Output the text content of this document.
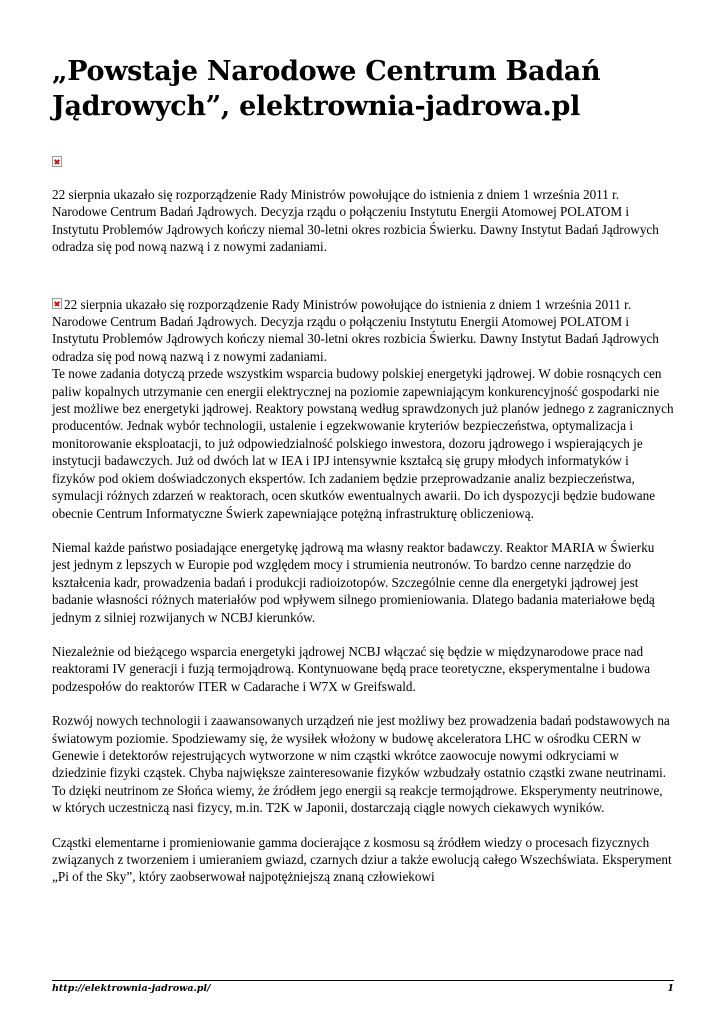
„Powstaje Narodowe Centrum Badań Jądrowych”, elektrownia-jadrowa.pl

22 sierpnia ukazało się rozporządzenie Rady Ministrów powołujące do istnienia z dniem 1 września 2011 r. Narodowe Centrum Badań Jądrowych. Decyzja rządu o połączeniu Instytutu Energii Atomowej POLATOM i Instytutu Problemów Jądrowych kończy niemal 30-letni okres rozbicia Świerku. Dawny Instytut Badań Jądrowych odradza się pod nową nazwą i z nowymi zadaniami.

22 sierpnia ukazało się rozporządzenie Rady Ministrów powołujące do istnienia z dniem 1 września 2011 r. Narodowe Centrum Badań Jądrowych. Decyzja rządu o połączeniu Instytutu Energii Atomowej POLATOM i Instytutu Problemów Jądrowych kończy niemal 30-letni okres rozbicia Świerku. Dawny Instytut Badań Jądrowych odradza się pod nową nazwą i z nowymi zadaniami.

Te nowe zadania dotyczą przede wszystkim wsparcia budowy polskiej energetyki jądrowej. W dobie rosnących cen paliw kopalnych utrzymanie cen energii elektrycznej na poziomie zapewniającym konkurencyjność gospodarki nie jest możliwe bez energetyki jądrowej. Reaktory powstaną według sprawdzonych już planów jednego z zagranicznych producentów. Jednak wybór technologii, ustalenie i egzekwowanie kryteriów bezpieczeństwa, optymalizacja i monitorowanie eksploatacji, to już odpowiedzialność polskiego inwestora, dozoru jądrowego i wspierających je instytucji badawczych. Już od dwóch lat w IEA i IPJ intensywnie kształcą się grupy młodych informatyków i fizyków pod okiem doświadczonych ekspertów. Ich zadaniem będzie przeprowadzanie analiz bezpieczeństwa, symulacji różnych zdarzeń w reaktorach, ocen skutków ewentualnych awarii. Do ich dyspozycji będzie budowane obecnie Centrum Informatyczne Świerk zapewniające potężną infrastrukturę obliczeniową.

Niemal każde państwo posiadające energetykę jądrową ma własny reaktor badawczy. Reaktor MARIA w Świerku jest jednym z lepszych w Europie pod względem mocy i strumienia neutronów. To bardzo cenne narzędzie do kształcenia kadr, prowadzenia badań i produkcji radioizotopów. Szczególnie cenne dla energetyki jądrowej jest badanie własności różnych materiałów pod wpływem silnego promieniowania. Dlatego badania materiałowe będą jednym z silniej rozwijanych w NCBJ kierunków.

Niezależnie od bieżącego wsparcia energetyki jądrowej NCBJ włączać się będzie w międzynarodowe prace nad reaktorami IV generacji i fuzją termojądrową. Kontynuowane będą prace teoretyczne, eksperymentalne i budowa podzespołów do reaktorów ITER w Cadarache i W7X w Greifswald.

Rozwój nowych technologii i zaawansowanych urządzeń nie jest możliwy bez prowadzenia badań podstawowych na światowym poziomie. Spodziewamy się, że wysiłek włożony w budowę akceleratora LHC w ośrodku CERN w Genewie i detektorów rejestrujących wytworzone w nim cząstki wkrótce zaowocuje nowymi odkryciami w dziedzinie fizyki cząstek. Chyba największe zainteresowanie fizyków wzbudzały ostatnio cząstki zwane neutrinami. To dzięki neutrinom ze Słońca wiemy, że źródłem jego energii są reakcje termojądrowe. Eksperymenty neutrinowe, w których uczestniczą nasi fizycy, m.in. T2K w Japonii, dostarczają ciągle nowych ciekawych wyników.

Cząstki elementarne i promieniowanie gamma docierające z kosmosu są źródłem wiedzy o procesach fizycznych związanych z tworzeniem i umieraniem gwiazd, czarnych dziur a także ewolucją całego Wszechświata. Eksperyment „Pi of the Sky”, który zaobserwował najpotężniejszą znaną człowiekowi

http://elektrownia-jadrowa.pl/	1
